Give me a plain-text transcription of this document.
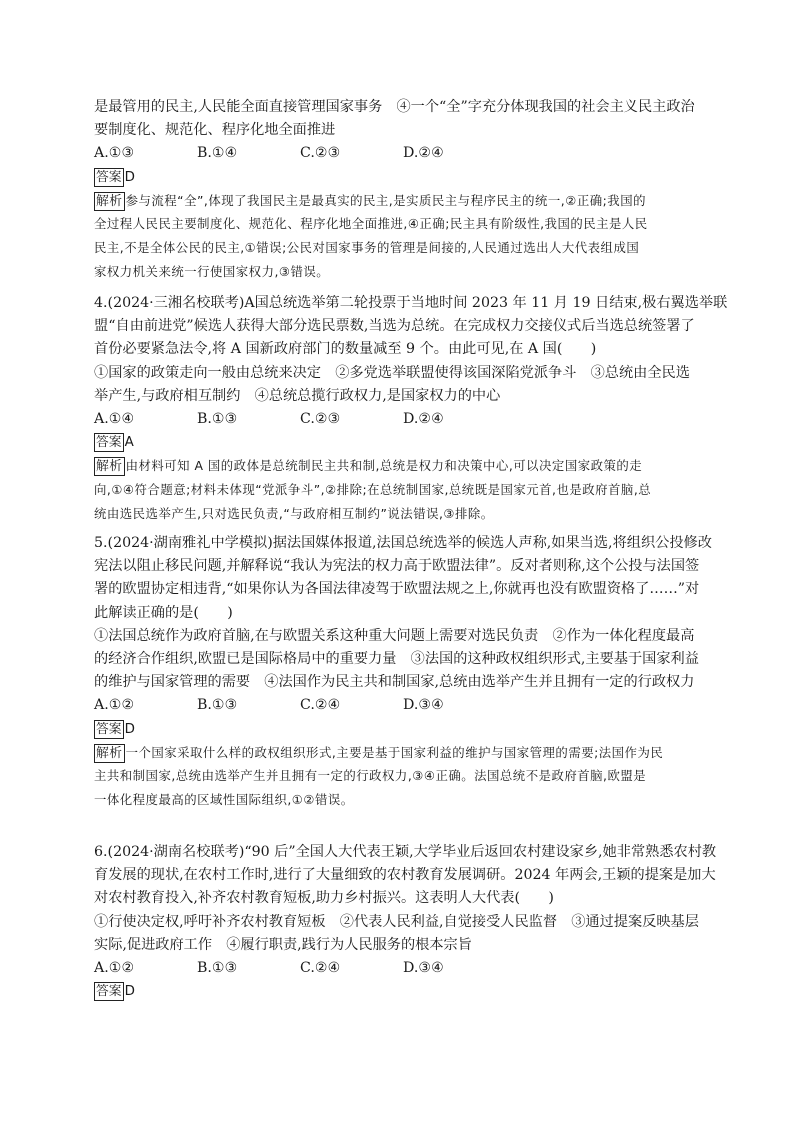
是最管用的民主,人民能全面直接管理国家事务　④一个“全”字充分体现我国的社会主义民主政治
要制度化、规范化、程序化地全面推进
A.①③	B.①④	C.②③	D.②④
答案 D
解析 参与流程“全”,体现了我国民主是最真实的民主,是实质民主与程序民主的统一,②正确;我国的
全过程人民民主要制度化、规范化、程序化地全面推进,④正确;民主具有阶级性,我国的民主是人民
民主,不是全体公民的民主,①错误;公民对国家事务的管理是间接的,人民通过选出人大代表组成国
家权力机关来统一行使国家权力,③错误。
4.(2024·三湘名校联考)A国总统选举第二轮投票于当地时间 2023 年 11 月 19 日结束,极右翼选举联
盟“自由前进党”候选人获得大部分选民票数,当选为总统。在完成权力交接仪式后当选总统签署了
首份必要紧急法令,将 A 国新政府部门的数量减至 9 个。由此可见,在 A 国(　　)
①国家的政策走向一般由总统来决定　②多党选举联盟使得该国深陷党派争斗　③总统由全民选
举产生,与政府相互制约　④总统总揽行政权力,是国家权力的中心
A.①④	B.①③	C.②③	D.②④
答案 A
解析 由材料可知 A 国的政体是总统制民主共和制,总统是权力和决策中心,可以决定国家政策的走
向,①④符合题意;材料未体现“党派争斗”,②排除;在总统制国家,总统既是国家元首,也是政府首脑,总
统由选民选举产生,只对选民负责,“与政府相互制约”说法错误,③排除。
5.(2024·湖南雅礼中学模拟)据法国媒体报道,法国总统选举的候选人声称,如果当选,将组织公投修改
宪法以阻止移民问题,并解释说“我认为宪法的权力高于欧盟法律”。反对者则称,这个公投与法国签
署的欧盟协定相违背,“如果你认为各国法律凌驾于欧盟法规之上,你就再也没有欧盟资格了……”对
此解读正确的是(　　)
①法国总统作为政府首脑,在与欧盟关系这种重大问题上需要对选民负责　②作为一体化程度最高
的经济合作组织,欧盟已是国际格局中的重要力量　③法国的这种政权组织形式,主要基于国家利益
的维护与国家管理的需要　④法国作为民主共和制国家,总统由选举产生并且拥有一定的行政权力
A.①②	B.①③	C.②④	D.③④
答案 D
解析 一个国家采取什么样的政权组织形式,主要是基于国家利益的维护与国家管理的需要;法国作为民
主共和制国家,总统由选举产生并且拥有一定的行政权力,③④正确。法国总统不是政府首脑,欧盟是
一体化程度最高的区域性国际组织,①②错误。
6.(2024·湖南名校联考)“90 后”全国人大代表王颖,大学毕业后返回农村建设家乡,她非常熟悉农村教
育发展的现状,在农村工作时,进行了大量细致的农村教育发展调研。2024 年两会,王颖的提案是加大
对农村教育投入,补齐农村教育短板,助力乡村振兴。这表明人大代表(　　)
①行使决定权,呼吁补齐农村教育短板　②代表人民利益,自觉接受人民监督　③通过提案反映基层
实际,促进政府工作　④履行职责,践行为人民服务的根本宗旨
A.①②	B.①③	C.②④	D.③④
答案 D
